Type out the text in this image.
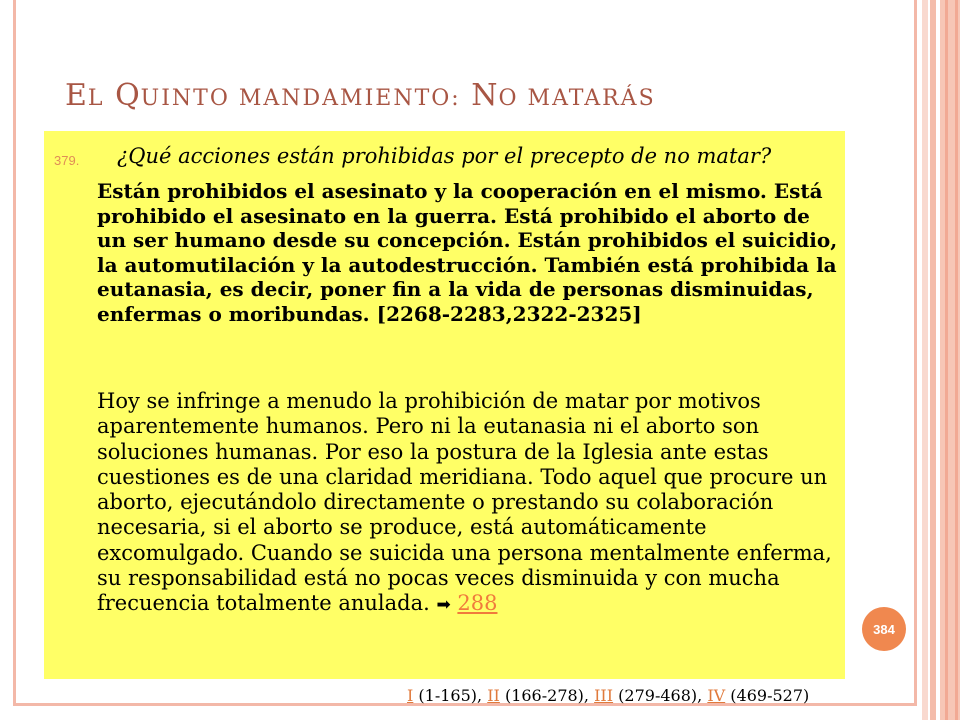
EL QUINTO MANDAMIENTO: NO MATARÁS
379. ¿Qué acciones están prohibidas por el precepto de no matar?
Están prohibidos el asesinato y la cooperación en el mismo. Está prohibido el asesinato en la guerra. Está prohibido el aborto de un ser humano desde su concepción. Están prohibidos el suicidio, la automutilación y la autodestrucción. También está prohibida la eutanasia, es decir, poner fin a la vida de personas disminuidas, enfermas o moribundas. [2268-2283,2322-2325]
Hoy se infringe a menudo la prohibición de matar por motivos aparentemente humanos. Pero ni la eutanasia ni el aborto son soluciones humanas. Por eso la postura de la Iglesia ante estas cuestiones es de una claridad meridiana. Todo aquel que procure un aborto, ejecutándolo directamente o prestando su colaboración necesaria, si el aborto se produce, está automáticamente excomulgado. Cuando se suicida una persona mentalmente enferma, su responsabilidad está no pocas veces disminuida y con mucha frecuencia totalmente anulada. ➡ 288
384
I (1-165), II (166-278), III (279-468), IV (469-527)
